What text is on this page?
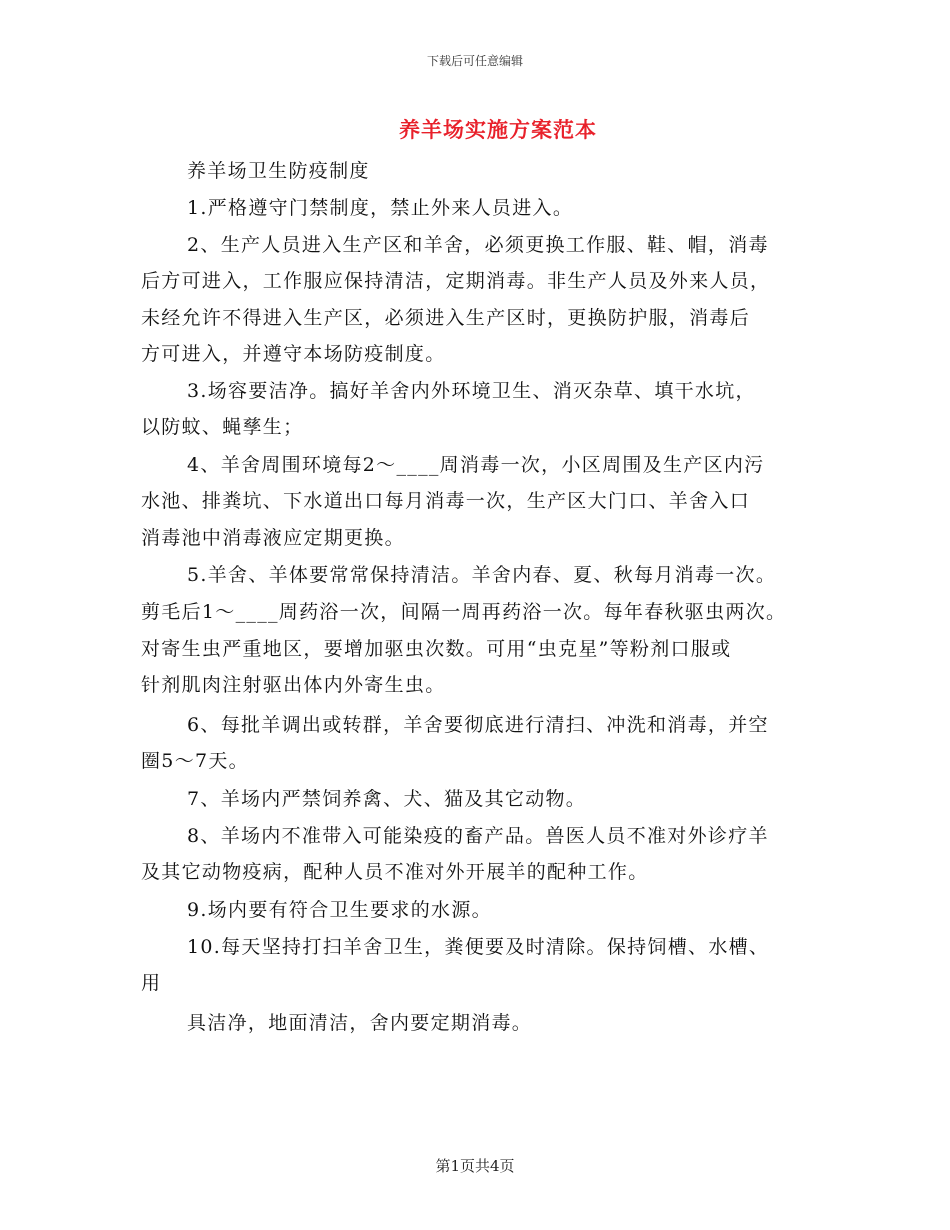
下载后可任意编辑
养羊场实施方案范本
养羊场卫生防疫制度
1.严格遵守门禁制度，禁止外来人员进入。
2、生产人员进入生产区和羊舍，必须更换工作服、鞋、帽，消毒
后方可进入，工作服应保持清洁，定期消毒。非生产人员及外来人员，
未经允许不得进入生产区，必须进入生产区时，更换防护服，消毒后
方可进入，并遵守本场防疫制度。
3.场容要洁净。搞好羊舍内外环境卫生、消灭杂草、填干水坑，
以防蚊、蝇孳生；
4、羊舍周围环境每2～____周消毒一次，小区周围及生产区内污
水池、排粪坑、下水道出口每月消毒一次，生产区大门口、羊舍入口
消毒池中消毒液应定期更换。
5.羊舍、羊体要常常保持清洁。羊舍内春、夏、秋每月消毒一次。
剪毛后1～____周药浴一次，间隔一周再药浴一次。每年春秋驱虫两次。
对寄生虫严重地区，要增加驱虫次数。可用“虫克星”等粉剂口服或
针剂肌肉注射驱出体内外寄生虫。
6、每批羊调出或转群，羊舍要彻底进行清扫、冲洗和消毒，并空
圈5～7天。
7、羊场内严禁饲养禽、犬、猫及其它动物。
8、羊场内不准带入可能染疫的畜产品。兽医人员不准对外诊疗羊
及其它动物疫病，配种人员不准对外开展羊的配种工作。
9.场内要有符合卫生要求的水源。
10.每天坚持打扫羊舍卫生，粪便要及时清除。保持饲槽、水槽、
用
具洁净，地面清洁，舍内要定期消毒。
第1页共4页
